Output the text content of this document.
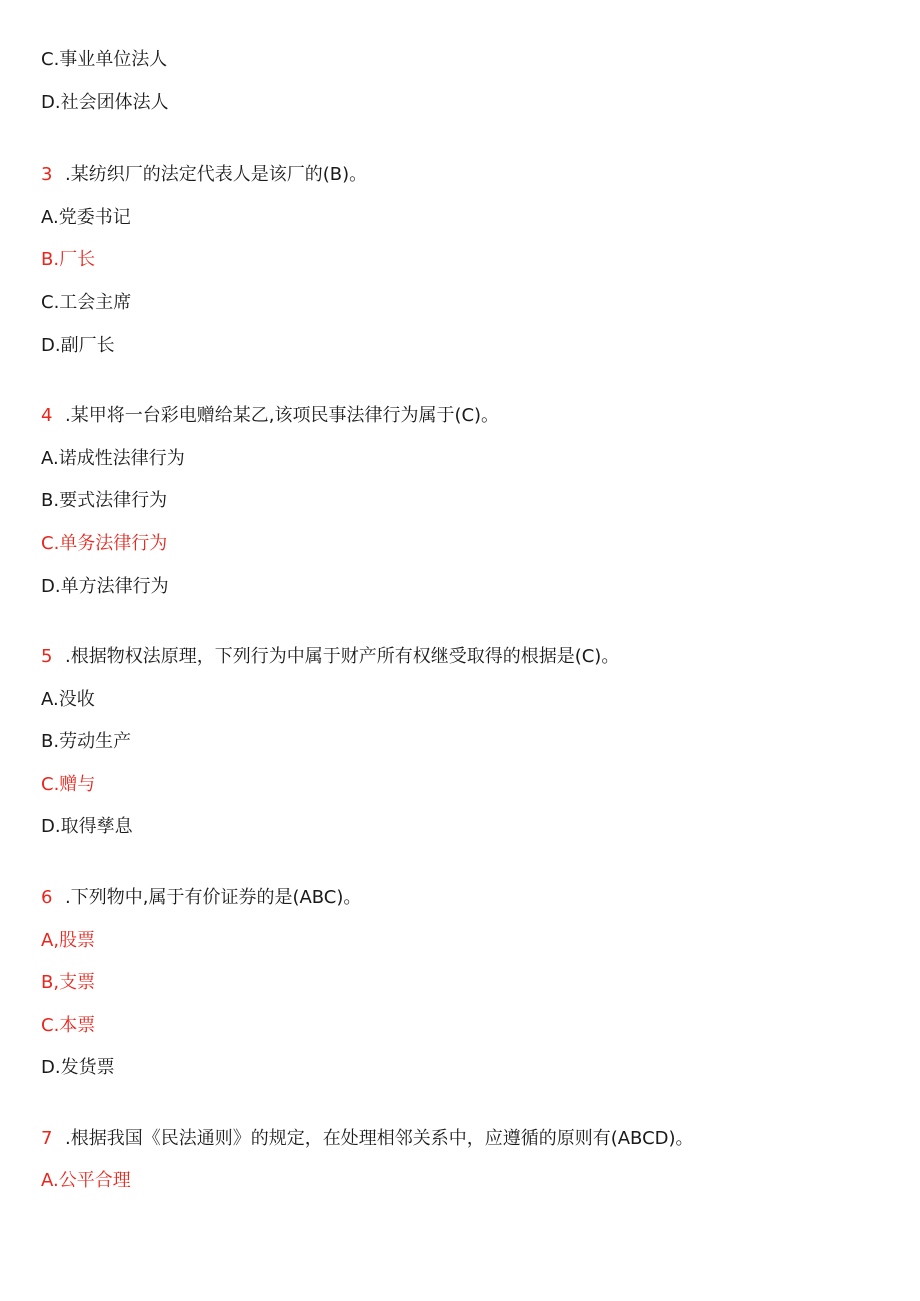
C.事业单位法人
D.社会团体法人
3 .某纺织厂的法定代表人是该厂的(B)。
A.党委书记
B.厂长
C.工会主席
D.副厂长
4 .某甲将一台彩电赠给某乙,该项民事法律行为属于(C)。
A.诺成性法律行为
B.要式法律行为
C.单务法律行为
D.单方法律行为
5 .根据物权法原理，下列行为中属于财产所有权继受取得的根据是(C)。
A.没收
B.劳动生产
C.赠与
D.取得孳息
6 .下列物中,属于有价证券的是(ABC)。
A,股票
B,支票
C.本票
D.发货票
7 .根据我国《民法通则》的规定，在处理相邻关系中，应遵循的原则有(ABCD)。
A.公平合理
